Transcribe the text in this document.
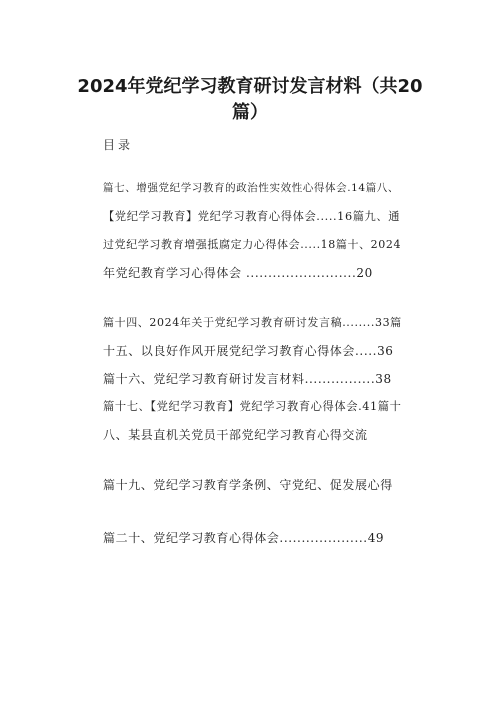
2024年党纪学习教育研讨发言材料（共20
篇）
目录
篇七、增强党纪学习教育的政治性实效性心得体会.14篇八、
【党纪学习教育】党纪学习教育心得体会.....16篇九、通
过党纪学习教育增强抵腐定力心得体会.....18篇十、2024
年党纪教育学习心得体会 .........................20
篇十四、2024年关于党纪学习教育研讨发言稿........33篇
十五、以良好作风开展党纪学习教育心得体会.....36
篇十六、党纪学习教育研讨发言材料................38
篇十七、【党纪学习教育】党纪学习教育心得体会.41篇十
八、某县直机关党员干部党纪学习教育心得交流
篇十九、党纪学习教育学条例、守党纪、促发展心得
篇二十、党纪学习教育心得体会....................49
